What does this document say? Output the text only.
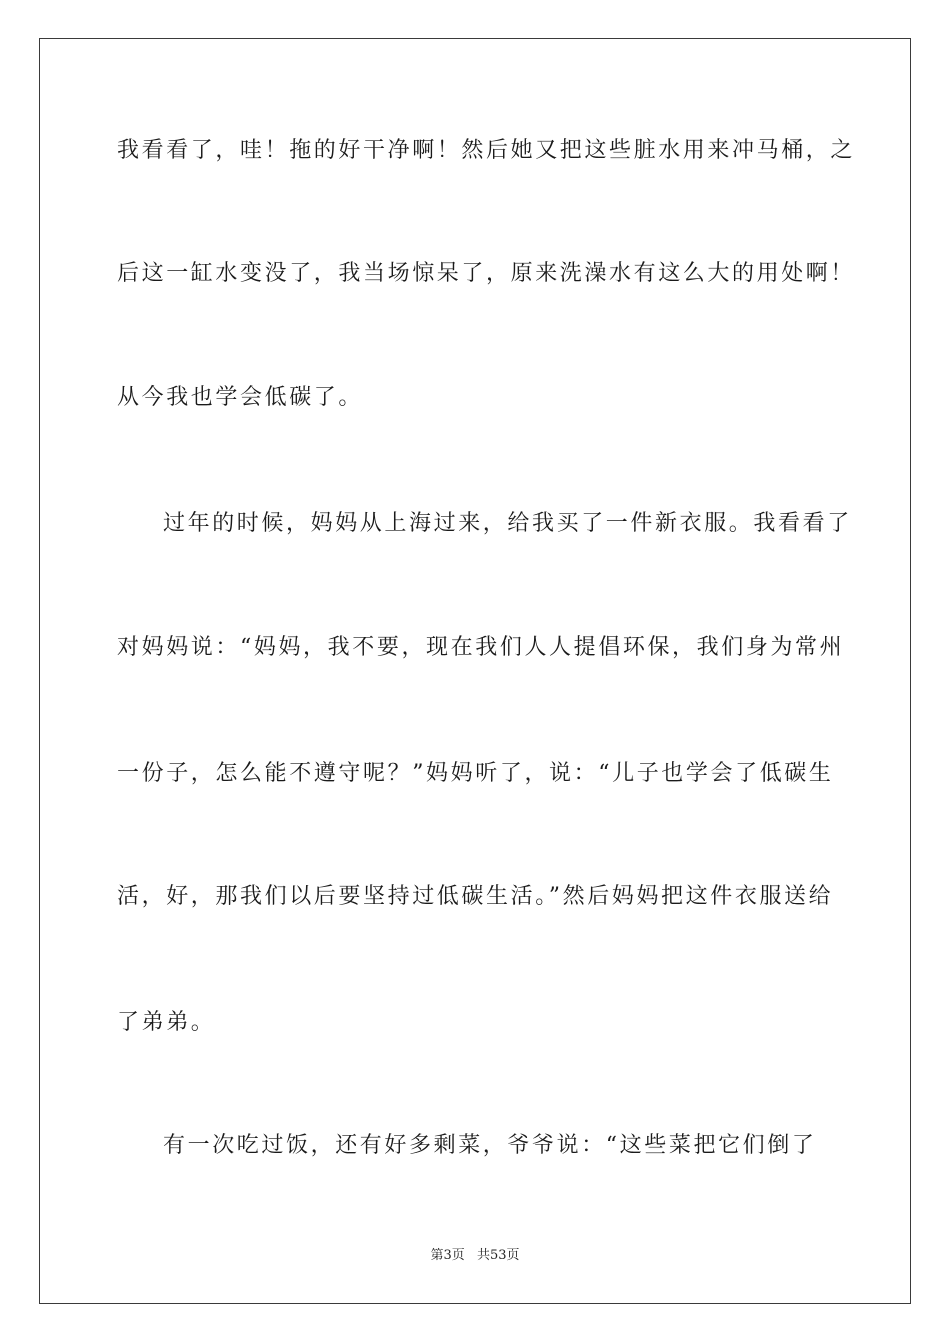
我看看了，哇！拖的好干净啊！然后她又把这些脏水用来冲马桶，之
后这一缸水变没了，我当场惊呆了，原来洗澡水有这么大的用处啊！
从今我也学会低碳了。
过年的时候，妈妈从上海过来，给我买了一件新衣服。我看看了
对妈妈说：“妈妈，我不要，现在我们人人提倡环保，我们身为常州
一份子，怎么能不遵守呢？”妈妈听了，说：“儿子也学会了低碳生
活，好，那我们以后要坚持过低碳生活。”然后妈妈把这件衣服送给
了弟弟。
有一次吃过饭，还有好多剩菜，爷爷说：“这些菜把它们倒了
第3页 共53页
